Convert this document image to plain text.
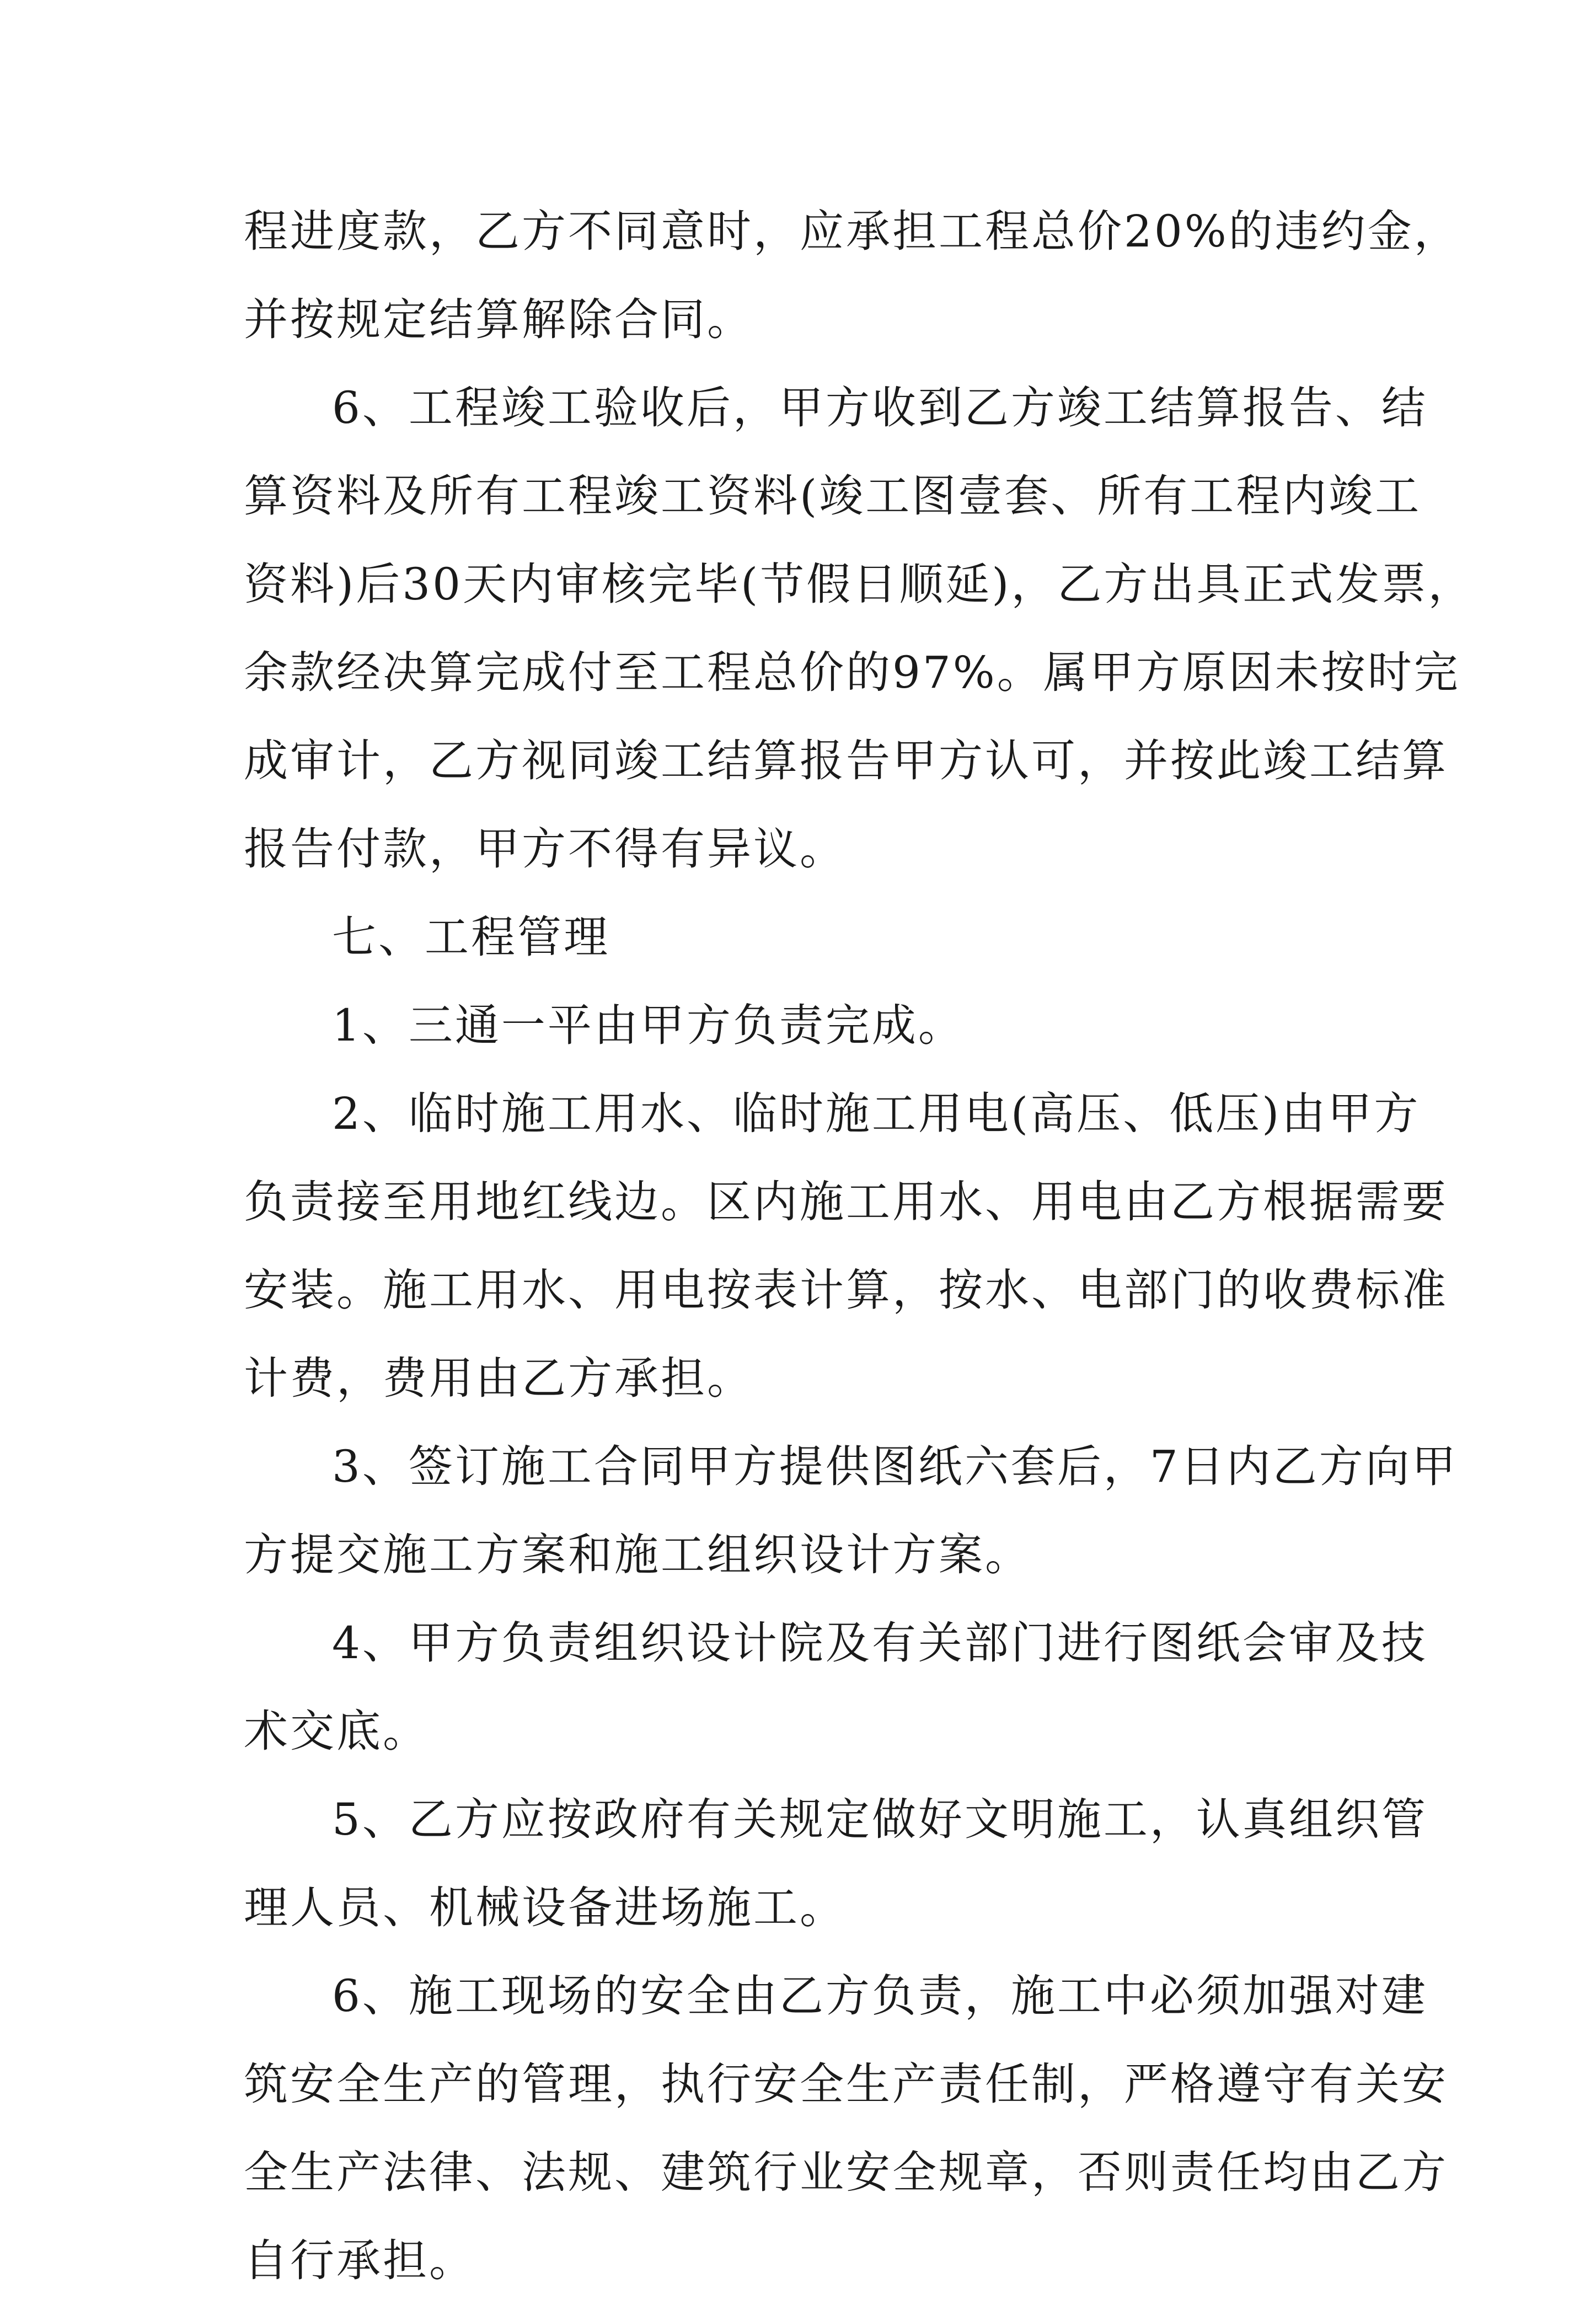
程进度款，乙方不同意时，应承担工程总价20%的违约金，
并按规定结算解除合同。

6、工程竣工验收后，甲方收到乙方竣工结算报告、结
算资料及所有工程竣工资料(竣工图壹套、所有工程内竣工
资料)后30天内审核完毕(节假日顺延)，乙方出具正式发票，
余款经决算完成付至工程总价的97%。属甲方原因未按时完
成审计，乙方视同竣工结算报告甲方认可，并按此竣工结算
报告付款，甲方不得有异议。

七、工程管理

1、三通一平由甲方负责完成。

2、临时施工用水、临时施工用电(高压、低压)由甲方
负责接至用地红线边。区内施工用水、用电由乙方根据需要
安装。施工用水、用电按表计算，按水、电部门的收费标准
计费，费用由乙方承担。

3、签订施工合同甲方提供图纸六套后，7日内乙方向甲
方提交施工方案和施工组织设计方案。

4、甲方负责组织设计院及有关部门进行图纸会审及技
术交底。

5、乙方应按政府有关规定做好文明施工，认真组织管
理人员、机械设备进场施工。

6、施工现场的安全由乙方负责，施工中必须加强对建
筑安全生产的管理，执行安全生产责任制，严格遵守有关安
全生产法律、法规、建筑行业安全规章，否则责任均由乙方
自行承担。
